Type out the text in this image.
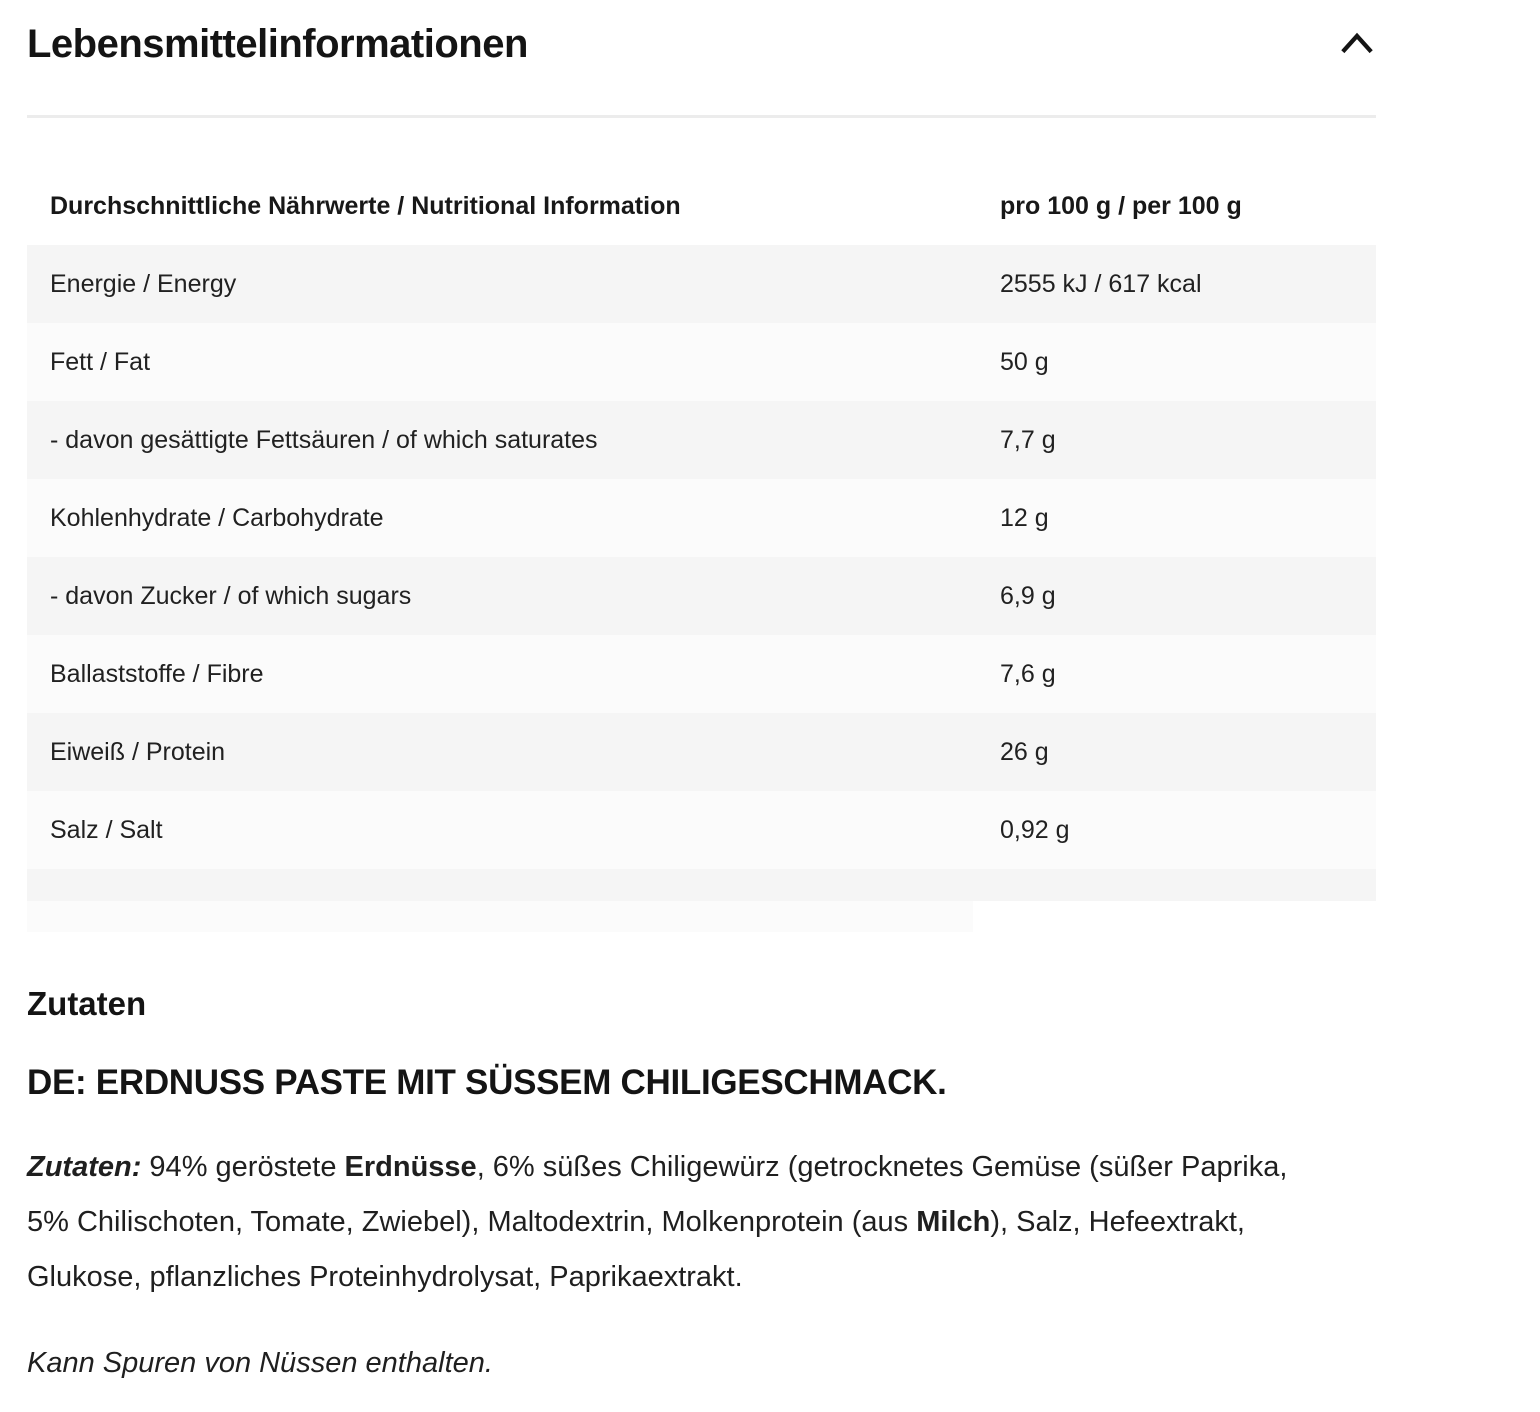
Lebensmittelinformationen
Durchschnittliche Nährwerte / Nutritional Information	pro 100 g / per 100 g
Energie / Energy	2555 kJ / 617 kcal
Fett / Fat	50 g
- davon gesättigte Fettsäuren / of which saturates	7,7 g
Kohlenhydrate / Carbohydrate	12 g
- davon Zucker / of which sugars	6,9 g
Ballaststoffe / Fibre	7,6 g
Eiweiß / Protein	26 g
Salz / Salt	0,92 g
Zutaten

DE: ERDNUSS PASTE MIT SÜSSEM CHILIGESCHMACK.

Zutaten: 94% geröstete Erdnüsse, 6% süßes Chiligewürz (getrocknetes Gemüse (süßer Paprika, 5% Chilischoten, Tomate, Zwiebel), Maltodextrin, Molkenprotein (aus Milch), Salz, Hefeextrakt, Glukose, pflanzliches Proteinhydrolysat, Paprikaextrakt.

Kann Spuren von Nüssen enthalten.
